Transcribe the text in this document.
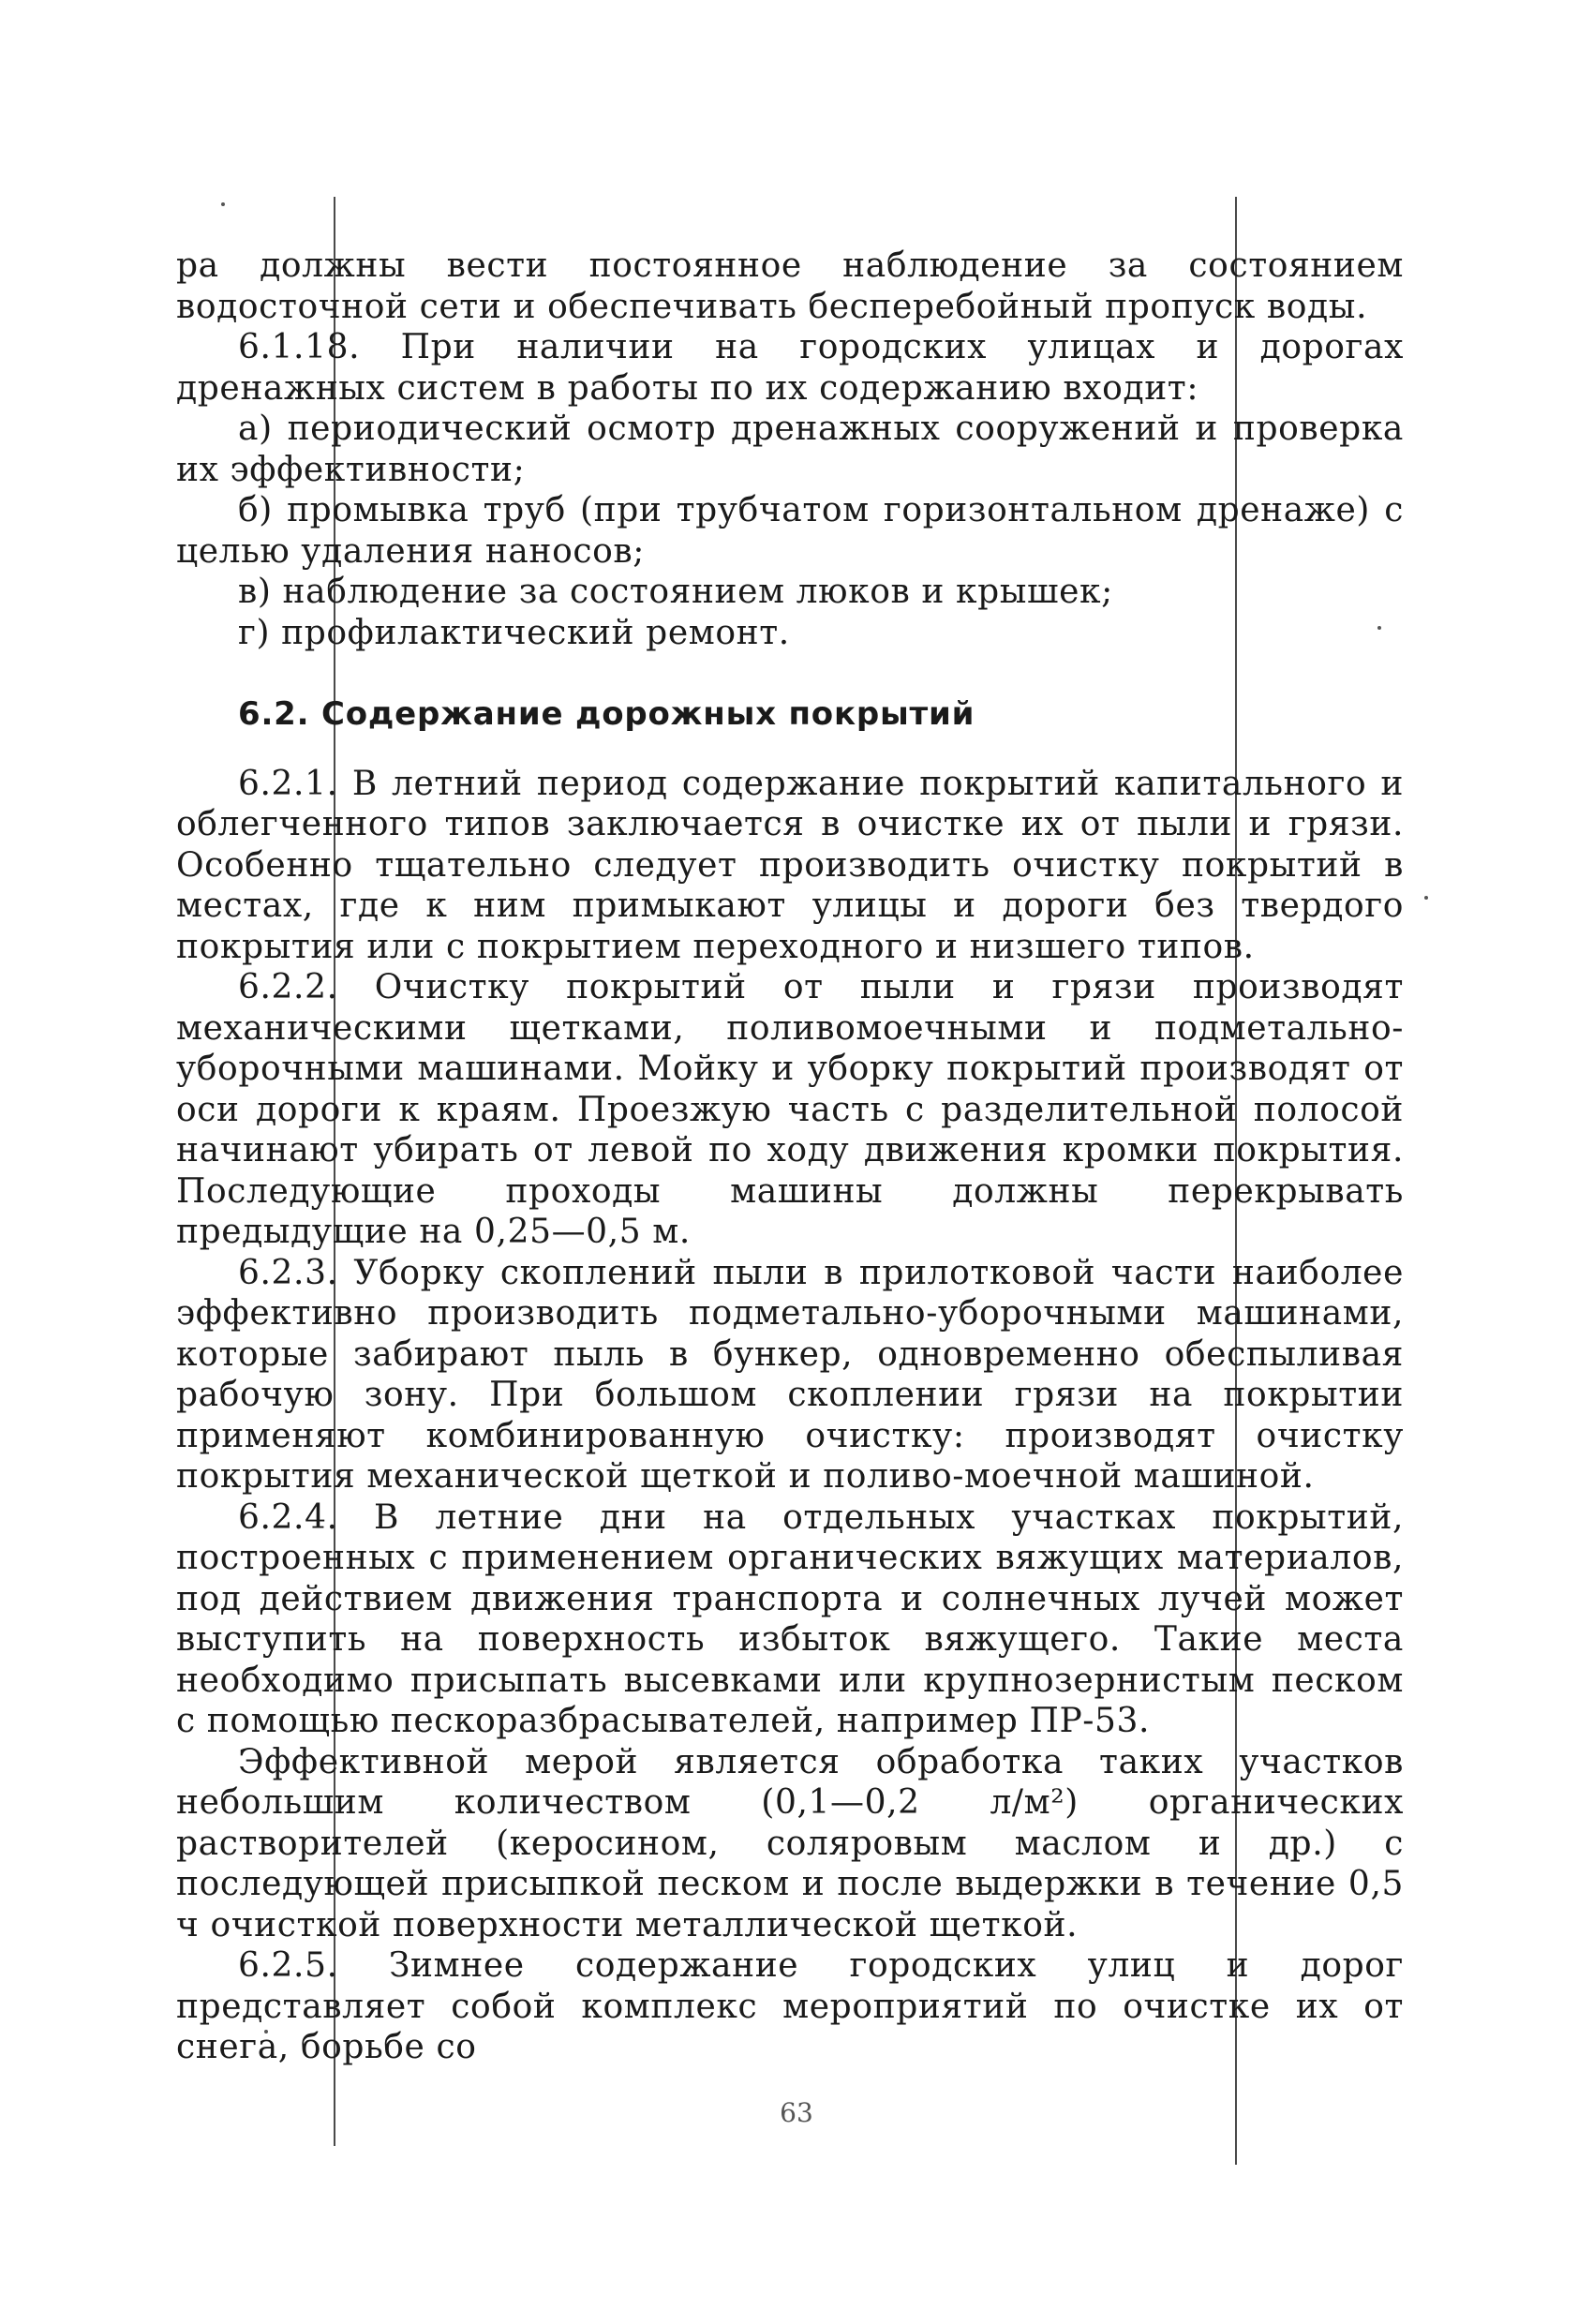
ра должны вести постоянное наблюдение за состоянием водосточной сети и обеспечивать бесперебойный пропуск воды.

6.1.18. При наличии на городских улицах и дорогах дренажных систем в работы по их содержанию входит:

а) периодический осмотр дренажных сооружений и проверка их эффективности;

б) промывка труб (при трубчатом горизонтальном дренаже) с целью удаления наносов;

в) наблюдение за состоянием люков и крышек;

г) профилактический ремонт.

6.2. Содержание дорожных покрытий

6.2.1. В летний период содержание покрытий капитального и облегченного типов заключается в очистке их от пыли и грязи. Особенно тщательно следует производить очистку покрытий в местах, где к ним примыкают улицы и дороги без твердого покрытия или с покрытием переходного и низшего типов.

6.2.2. Очистку покрытий от пыли и грязи производят механическими щетками, поливомоечными и подметально-уборочными машинами. Мойку и уборку покрытий производят от оси дороги к краям. Проезжую часть с разделительной полосой начинают убирать от левой по ходу движения кромки покрытия. Последующие проходы машины должны перекрывать предыдущие на 0,25—0,5 м.

6.2.3. Уборку скоплений пыли в прилотковой части наиболее эффективно производить подметально-уборочными машинами, которые забирают пыль в бункер, одновременно обеспыливая рабочую зону. При большом скоплении грязи на покрытии применяют комбинированную очистку: производят очистку покрытия механической щеткой и поливо-моечной машиной.

6.2.4. В летние дни на отдельных участках покрытий, построенных с применением органических вяжущих материалов, под действием движения транспорта и солнечных лучей может выступить на поверхность избыток вяжущего. Такие места необходимо присыпать высевками или крупнозернистым песком с помощью пескоразбрасывателей, например ПР-53.

Эффективной мерой является обработка таких участков небольшим количеством (0,1—0,2 л/м²) органических растворителей (керосином, соляровым маслом и др.) с последующей присыпкой песком и после выдержки в течение 0,5 ч очисткой поверхности металлической щеткой.

6.2.5. Зимнее содержание городских улиц и дорог представляет собой комплекс мероприятий по очистке их от снега, борьбе со

63
